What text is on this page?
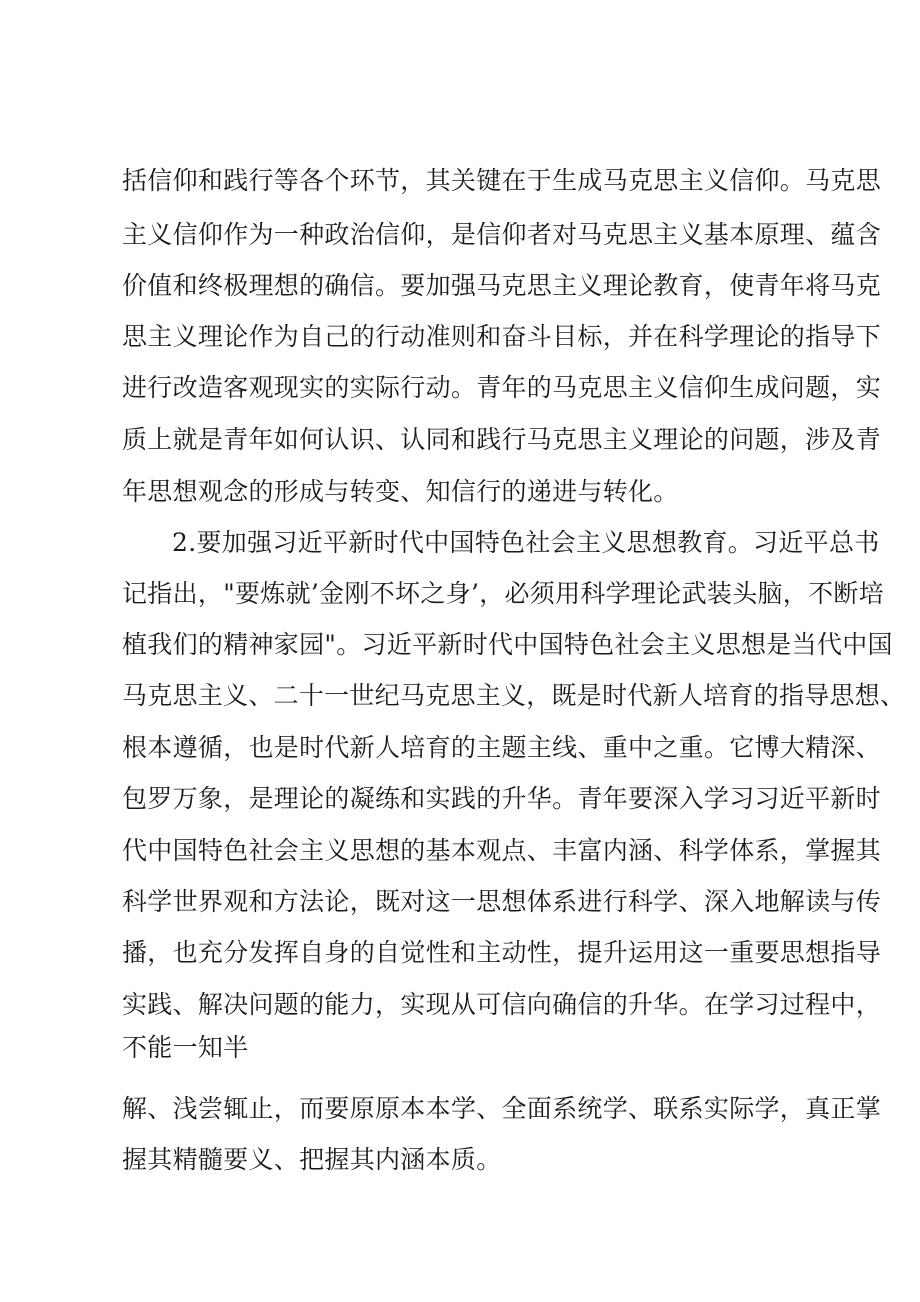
括信仰和践行等各个环节，其关键在于生成马克思主义信仰。马克思
主义信仰作为一种政治信仰，是信仰者对马克思主义基本原理、蕴含
价值和终极理想的确信。要加强马克思主义理论教育，使青年将马克
思主义理论作为自己的行动准则和奋斗目标，并在科学理论的指导下
进行改造客观现实的实际行动。青年的马克思主义信仰生成问题，实
质上就是青年如何认识、认同和践行马克思主义理论的问题，涉及青
年思想观念的形成与转变、知信行的递进与转化。
2.要加强习近平新时代中国特色社会主义思想教育。习近平总书
记指出，"要炼就’金刚不坏之身’，必须用科学理论武装头脑，不断培
植我们的精神家园"。习近平新时代中国特色社会主义思想是当代中国
马克思主义、二十一世纪马克思主义，既是时代新人培育的指导思想、
根本遵循，也是时代新人培育的主题主线、重中之重。它博大精深、
包罗万象，是理论的凝练和实践的升华。青年要深入学习习近平新时
代中国特色社会主义思想的基本观点、丰富内涵、科学体系，掌握其
科学世界观和方法论，既对这一思想体系进行科学、深入地解读与传
播，也充分发挥自身的自觉性和主动性，提升运用这一重要思想指导
实践、解决问题的能力，实现从可信向确信的升华。在学习过程中，
不能一知半
解、浅尝辄止，而要原原本本学、全面系统学、联系实际学，真正掌
握其精髓要义、把握其内涵本质。
